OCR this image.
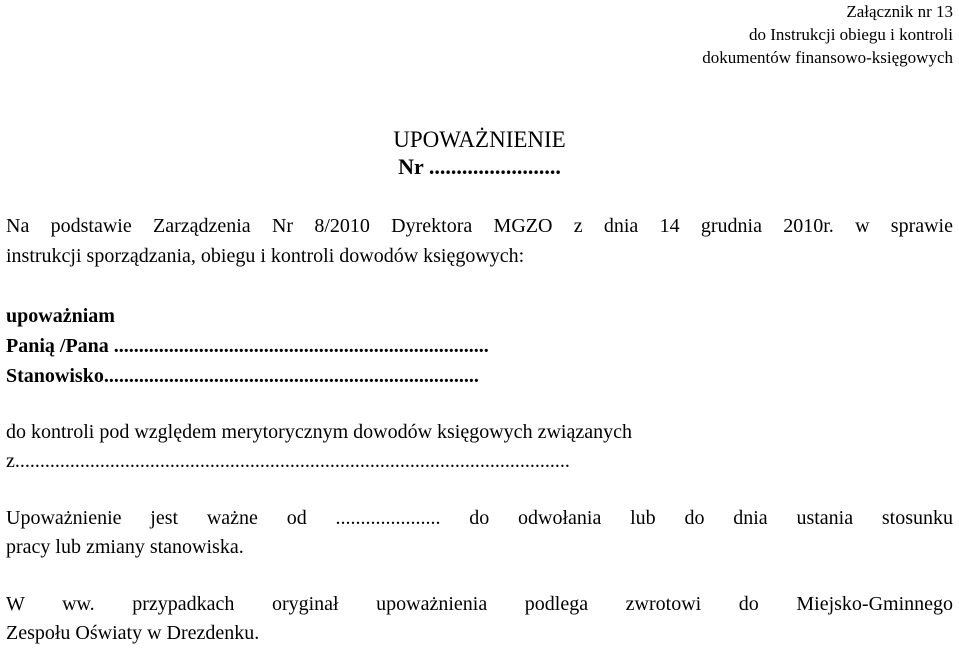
Załącznik nr 13
do Instrukcji obiegu i kontroli
dokumentów finansowo-księgowych
UPOWAŻNIENIE
Nr ........................
Na podstawie Zarządzenia Nr 8/2010 Dyrektora MGZO z dnia 14 grudnia 2010r. w sprawie
instrukcji sporządzania, obiegu i kontroli dowodów księgowych:
upoważniam
Panią /Pana ...........................................................................
Stanowisko...........................................................................
do kontroli pod względem merytorycznym dowodów księgowych związanych
z...............................................................................................................
Upoważnienie jest ważne od ..................... do odwołania lub do dnia ustania stosunku
pracy lub zmiany stanowiska.
W ww. przypadkach oryginał upoważnienia podlega zwrotowi do Miejsko-Gminnego
Zespołu Oświaty w Drezdenku.
